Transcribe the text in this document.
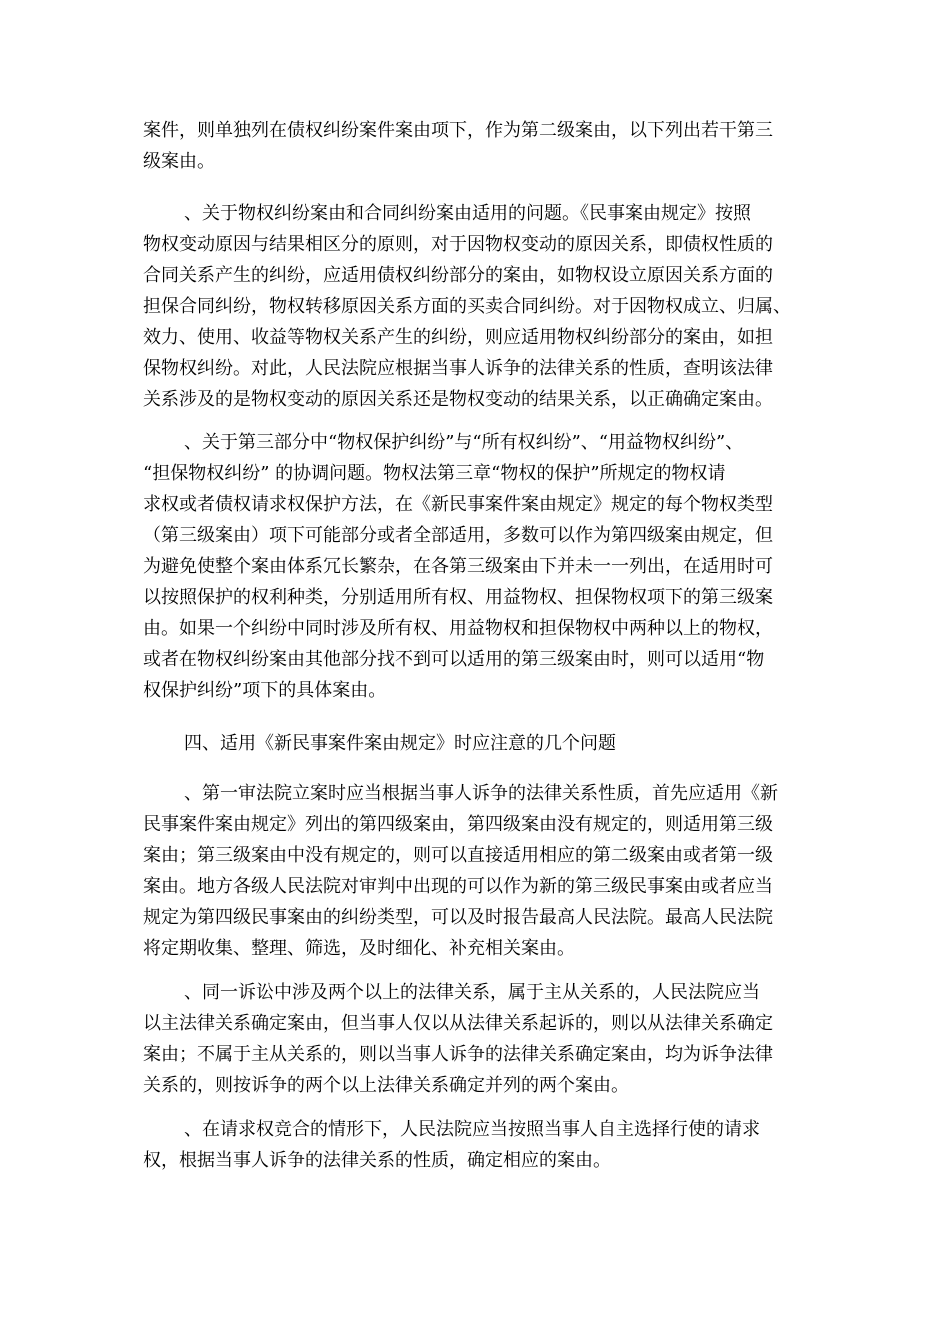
案件，则单独列在债权纠纷案件案由项下，作为第二级案由，以下列出若干第三
级案由。
、关于物权纠纷案由和合同纠纷案由适用的问题。《民事案由规定》按照
物权变动原因与结果相区分的原则，对于因物权变动的原因关系，即债权性质的
合同关系产生的纠纷，应适用债权纠纷部分的案由，如物权设立原因关系方面的
担保合同纠纷，物权转移原因关系方面的买卖合同纠纷。对于因物权成立、归属、
效力、使用、收益等物权关系产生的纠纷，则应适用物权纠纷部分的案由，如担
保物权纠纷。对此，人民法院应根据当事人诉争的法律关系的性质，查明该法律
关系涉及的是物权变动的原因关系还是物权变动的结果关系，以正确确定案由。
、关于第三部分中“物权保护纠纷”与“所有权纠纷”、“用益物权纠纷”、
“担保物权纠纷” 的协调问题。物权法第三章“物权的保护”所规定的物权请
求权或者债权请求权保护方法，在《新民事案件案由规定》规定的每个物权类型
（第三级案由）项下可能部分或者全部适用，多数可以作为第四级案由规定，但
为避免使整个案由体系冗长繁杂，在各第三级案由下并未一一列出，在适用时可
以按照保护的权利种类，分别适用所有权、用益物权、担保物权项下的第三级案
由。如果一个纠纷中同时涉及所有权、用益物权和担保物权中两种以上的物权，
或者在物权纠纷案由其他部分找不到可以适用的第三级案由时，则可以适用“物
权保护纠纷”项下的具体案由。
四、适用《新民事案件案由规定》时应注意的几个问题
、第一审法院立案时应当根据当事人诉争的法律关系性质，首先应适用《新
民事案件案由规定》列出的第四级案由，第四级案由没有规定的，则适用第三级
案由；第三级案由中没有规定的，则可以直接适用相应的第二级案由或者第一级
案由。地方各级人民法院对审判中出现的可以作为新的第三级民事案由或者应当
规定为第四级民事案由的纠纷类型，可以及时报告最高人民法院。最高人民法院
将定期收集、整理、筛选，及时细化、补充相关案由。
、同一诉讼中涉及两个以上的法律关系，属于主从关系的，人民法院应当
以主法律关系确定案由，但当事人仅以从法律关系起诉的，则以从法律关系确定
案由；不属于主从关系的，则以当事人诉争的法律关系确定案由，均为诉争法律
关系的，则按诉争的两个以上法律关系确定并列的两个案由。
、在请求权竞合的情形下，人民法院应当按照当事人自主选择行使的请求
权，根据当事人诉争的法律关系的性质，确定相应的案由。
